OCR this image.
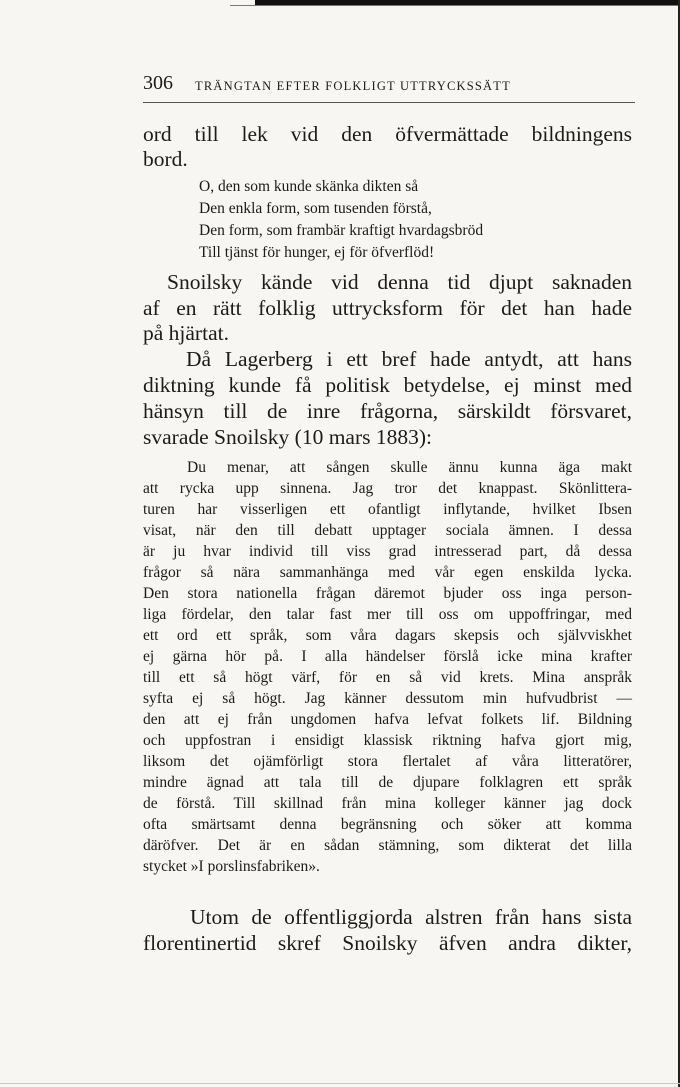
306 TRÄNGTAN EFTER FOLKLIGT UTTRYCKSSÄTT
ord till lek vid den öfvermättade bildningens
bord.
O, den som kunde skänka dikten så
Den enkla form, som tusenden förstå,
Den form, som frambär kraftigt hvardagsbröd
Till tjänst för hunger, ej för öfverflöd!
Snoilsky kände vid denna tid djupt saknaden
af en rätt folklig uttrycksform för det han hade
på hjärtat.
Då Lagerberg i ett bref hade antydt, att hans
diktning kunde få politisk betydelse, ej minst med
hänsyn till de inre frågorna, särskildt försvaret,
svarade Snoilsky (10 mars 1883):
Du menar, att sången skulle ännu kunna äga makt
att rycka upp sinnena. Jag tror det knappast. Skönlittera-
turen har visserligen ett ofantligt inflytande, hvilket Ibsen
visat, när den till debatt upptager sociala ämnen. I dessa
är ju hvar individ till viss grad intresserad part, då dessa
frågor så nära sammanhänga med vår egen enskilda lycka.
Den stora nationella frågan däremot bjuder oss inga person-
liga fördelar, den talar fast mer till oss om uppoffringar, med
ett ord ett språk, som våra dagars skepsis och självviskhet
ej gärna hör på. I alla händelser förslå icke mina krafter
till ett så högt värf, för en så vid krets. Mina anspråk
syfta ej så högt. Jag känner dessutom min hufvudbrist —
den att ej från ungdomen hafva lefvat folkets lif. Bildning
och uppfostran i ensidigt klassisk riktning hafva gjort mig,
liksom det ojämförligt stora flertalet af våra litteratörer,
mindre ägnad att tala till de djupare folklagren ett språk
de förstå. Till skillnad från mina kolleger känner jag dock
ofta smärtsamt denna begränsning och söker att komma
däröfver. Det är en sådan stämning, som dikterat det lilla
stycket »I porslinsfabriken».
Utom de offentliggjorda alstren från hans sista
florentinertid skref Snoilsky äfven andra dikter,
